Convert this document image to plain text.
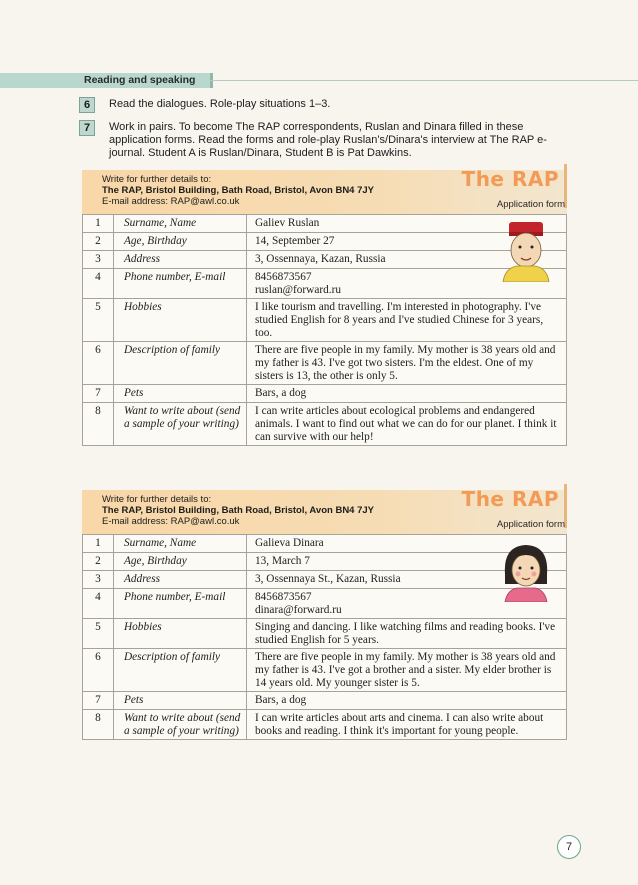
Reading and speaking
6	Read the dialogues. Role-play situations 1–3.
7	Work in pairs. To become The RAP correspondents, Ruslan and Dinara filled in these application forms. Read the forms and role-play Ruslan's/Dinara's interview at The RAP e-journal. Student A is Ruslan/Dinara, Student B is Pat Dawkins.
Write for further details to:
The RAP, Bristol Building, Bath Road, Bristol, Avon BN4 7JY
E-mail address: RAP@awl.co.uk
The RAP
Application form
1	Surname, Name	Galiev Ruslan
2	Age, Birthday	14, September 27
3	Address	3, Ossennaya, Kazan, Russia
4	Phone number, E-mail	8456873567
ruslan@forward.ru
5	Hobbies	I like tourism and travelling. I'm interested in photography. I've studied English for 8 years and I've studied Chinese for 3 years, too.
6	Description of family	There are five people in my family. My mother is 38 years old and my father is 43. I've got two sisters. I'm the eldest. One of my sisters is 13, the other is only 5.
7	Pets	Bars, a dog
8	Want to write about (send a sample of your writing)	I can write articles about ecological problems and endangered animals. I want to find out what we can do for our planet. I think it can survive with our help!
Write for further details to:
The RAP, Bristol Building, Bath Road, Bristol, Avon BN4 7JY
E-mail address: RAP@awl.co.uk
The RAP
Application form
1	Surname, Name	Galieva Dinara
2	Age, Birthday	13, March 7
3	Address	3, Ossennaya St., Kazan, Russia
4	Phone number, E-mail	8456873567
dinara@forward.ru
5	Hobbies	Singing and dancing. I like watching films and reading books. I've studied English for 5 years.
6	Description of family	There are five people in my family. My mother is 38 years old and my father is 43. I've got a brother and a sister. My elder brother is 14 years old. My younger sister is 5.
7	Pets	Bars, a dog
8	Want to write about (send a sample of your writing)	I can write articles about arts and cinema. I can also write about books and reading. I think it's important for young people.
7
